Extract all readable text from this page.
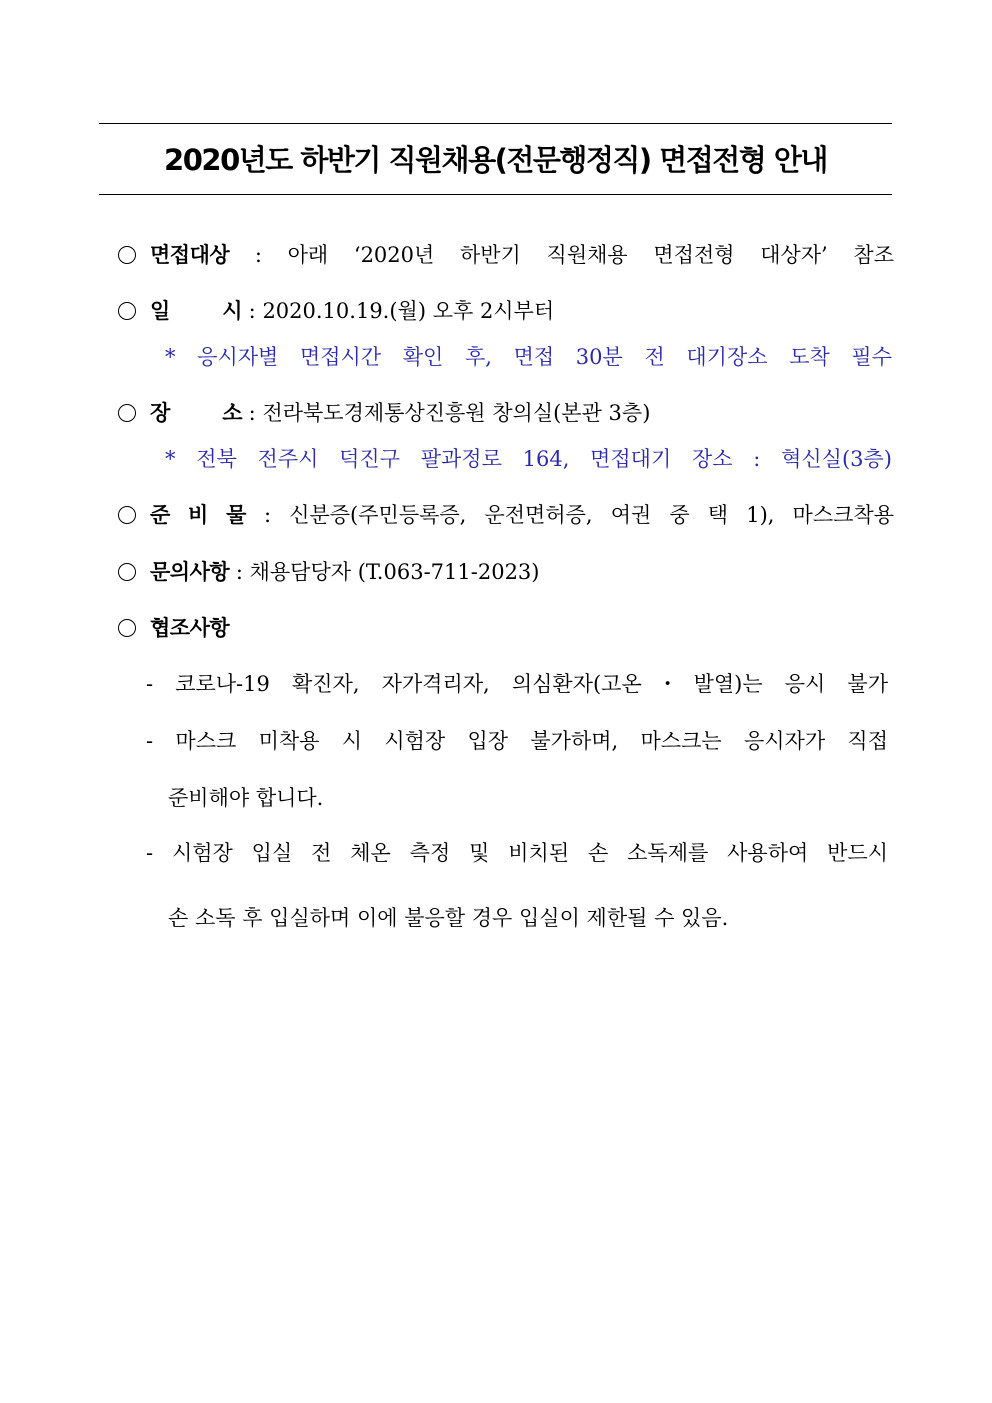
2020년도 하반기 직원채용(전문행정직) 면접전형 안내
면접대상 : 아래 ‘2020년 하반기 직원채용 면접전형 대상자’ 참조
일 시 : 2020.10.19.(월) 오후 2시부터
* 응시자별 면접시간 확인 후, 면접 30분 전 대기장소 도착 필수
장 소 : 전라북도경제통상진흥원 창의실(본관 3층)
* 전북 전주시 덕진구 팔과정로 164, 면접대기 장소 : 혁신실(3층)
준 비 물 : 신분증(주민등록증, 운전면허증, 여권 중 택 1), 마스크착용
문의사항 : 채용담당자 (T.063-711-2023)
협조사항
- 코로나-19 확진자, 자가격리자, 의심환자(고온・발열)는 응시 불가
- 마스크 미착용 시 시험장 입장 불가하며, 마스크는 응시자가 직접
준비해야 합니다.
- 시험장 입실 전 체온 측정 및 비치된 손 소독제를 사용하여 반드시
손 소독 후 입실하며 이에 불응할 경우 입실이 제한될 수 있음.
